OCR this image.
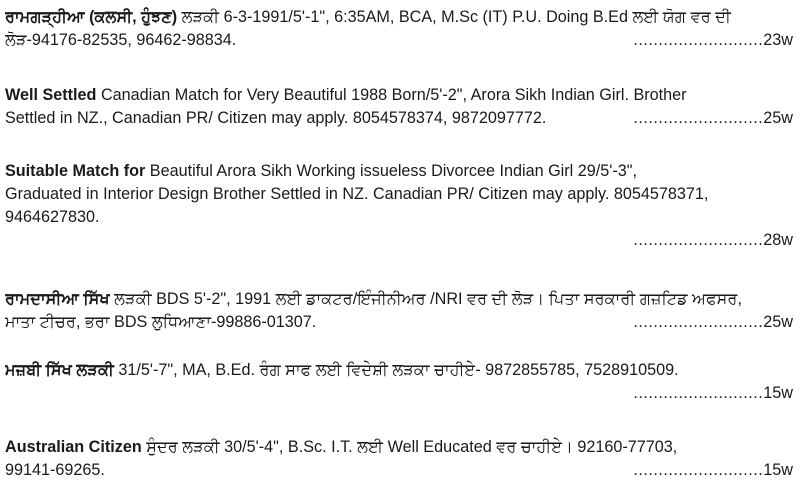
ਰਾਮਗੜ੍ਹੀਆ (ਕਲਸੀ, ਹੁੰਝਣ) ਲੜਕੀ 6-3-1991/5'-1", 6:35AM, BCA, M.Sc (IT) P.U. Doing B.Ed ਲਈ ਯੋਗ ਵਰ ਦੀ
ਲੋੜ-94176-82535, 96462-98834.	..........................23w

Well Settled Canadian Match for Very Beautiful 1988 Born/5'-2", Arora Sikh Indian Girl. Brother
Settled in NZ., Canadian PR/ Citizen may apply. 8054578374, 9872097772.	..........................25w

Suitable Match for Beautiful Arora Sikh Working issueless Divorcee Indian Girl 29/5'-3",
Graduated in Interior Design Brother Settled in NZ. Canadian PR/ Citizen may apply. 8054578371,
9464627830.
..........................28w

ਰਾਮਦਾਸੀਆ ਸਿੱਖ ਲੜਕੀ BDS 5'-2", 1991 ਲਈ ਡਾਕਟਰ/ਇੰਜੀਨੀਅਰ /NRI ਵਰ ਦੀ ਲੋੜ। ਪਿਤਾ ਸਰਕਾਰੀ ਗਜ਼ਟਿਡ ਅਫਸਰ,
ਮਾਤਾ ਟੀਚਰ, ਭਰਾ BDS ਲੁਧਿਆਣਾ-99886-01307.	..........................25w

ਮਜ਼ਬੀ ਸਿੱਖ ਲੜਕੀ 31/5'-7", MA, B.Ed. ਰੰਗ ਸਾਫ ਲਈ ਵਿਦੇਸ਼ੀ ਲੜਕਾ ਚਾਹੀਏ- 9872855785, 7528910509.
..........................15w

Australian Citizen ਸੁੰਦਰ ਲੜਕੀ 30/5'-4", B.Sc. I.T. ਲਈ Well Educated ਵਰ ਚਾਹੀਏ। 92160-77703,
99141-69265.	..........................15w
